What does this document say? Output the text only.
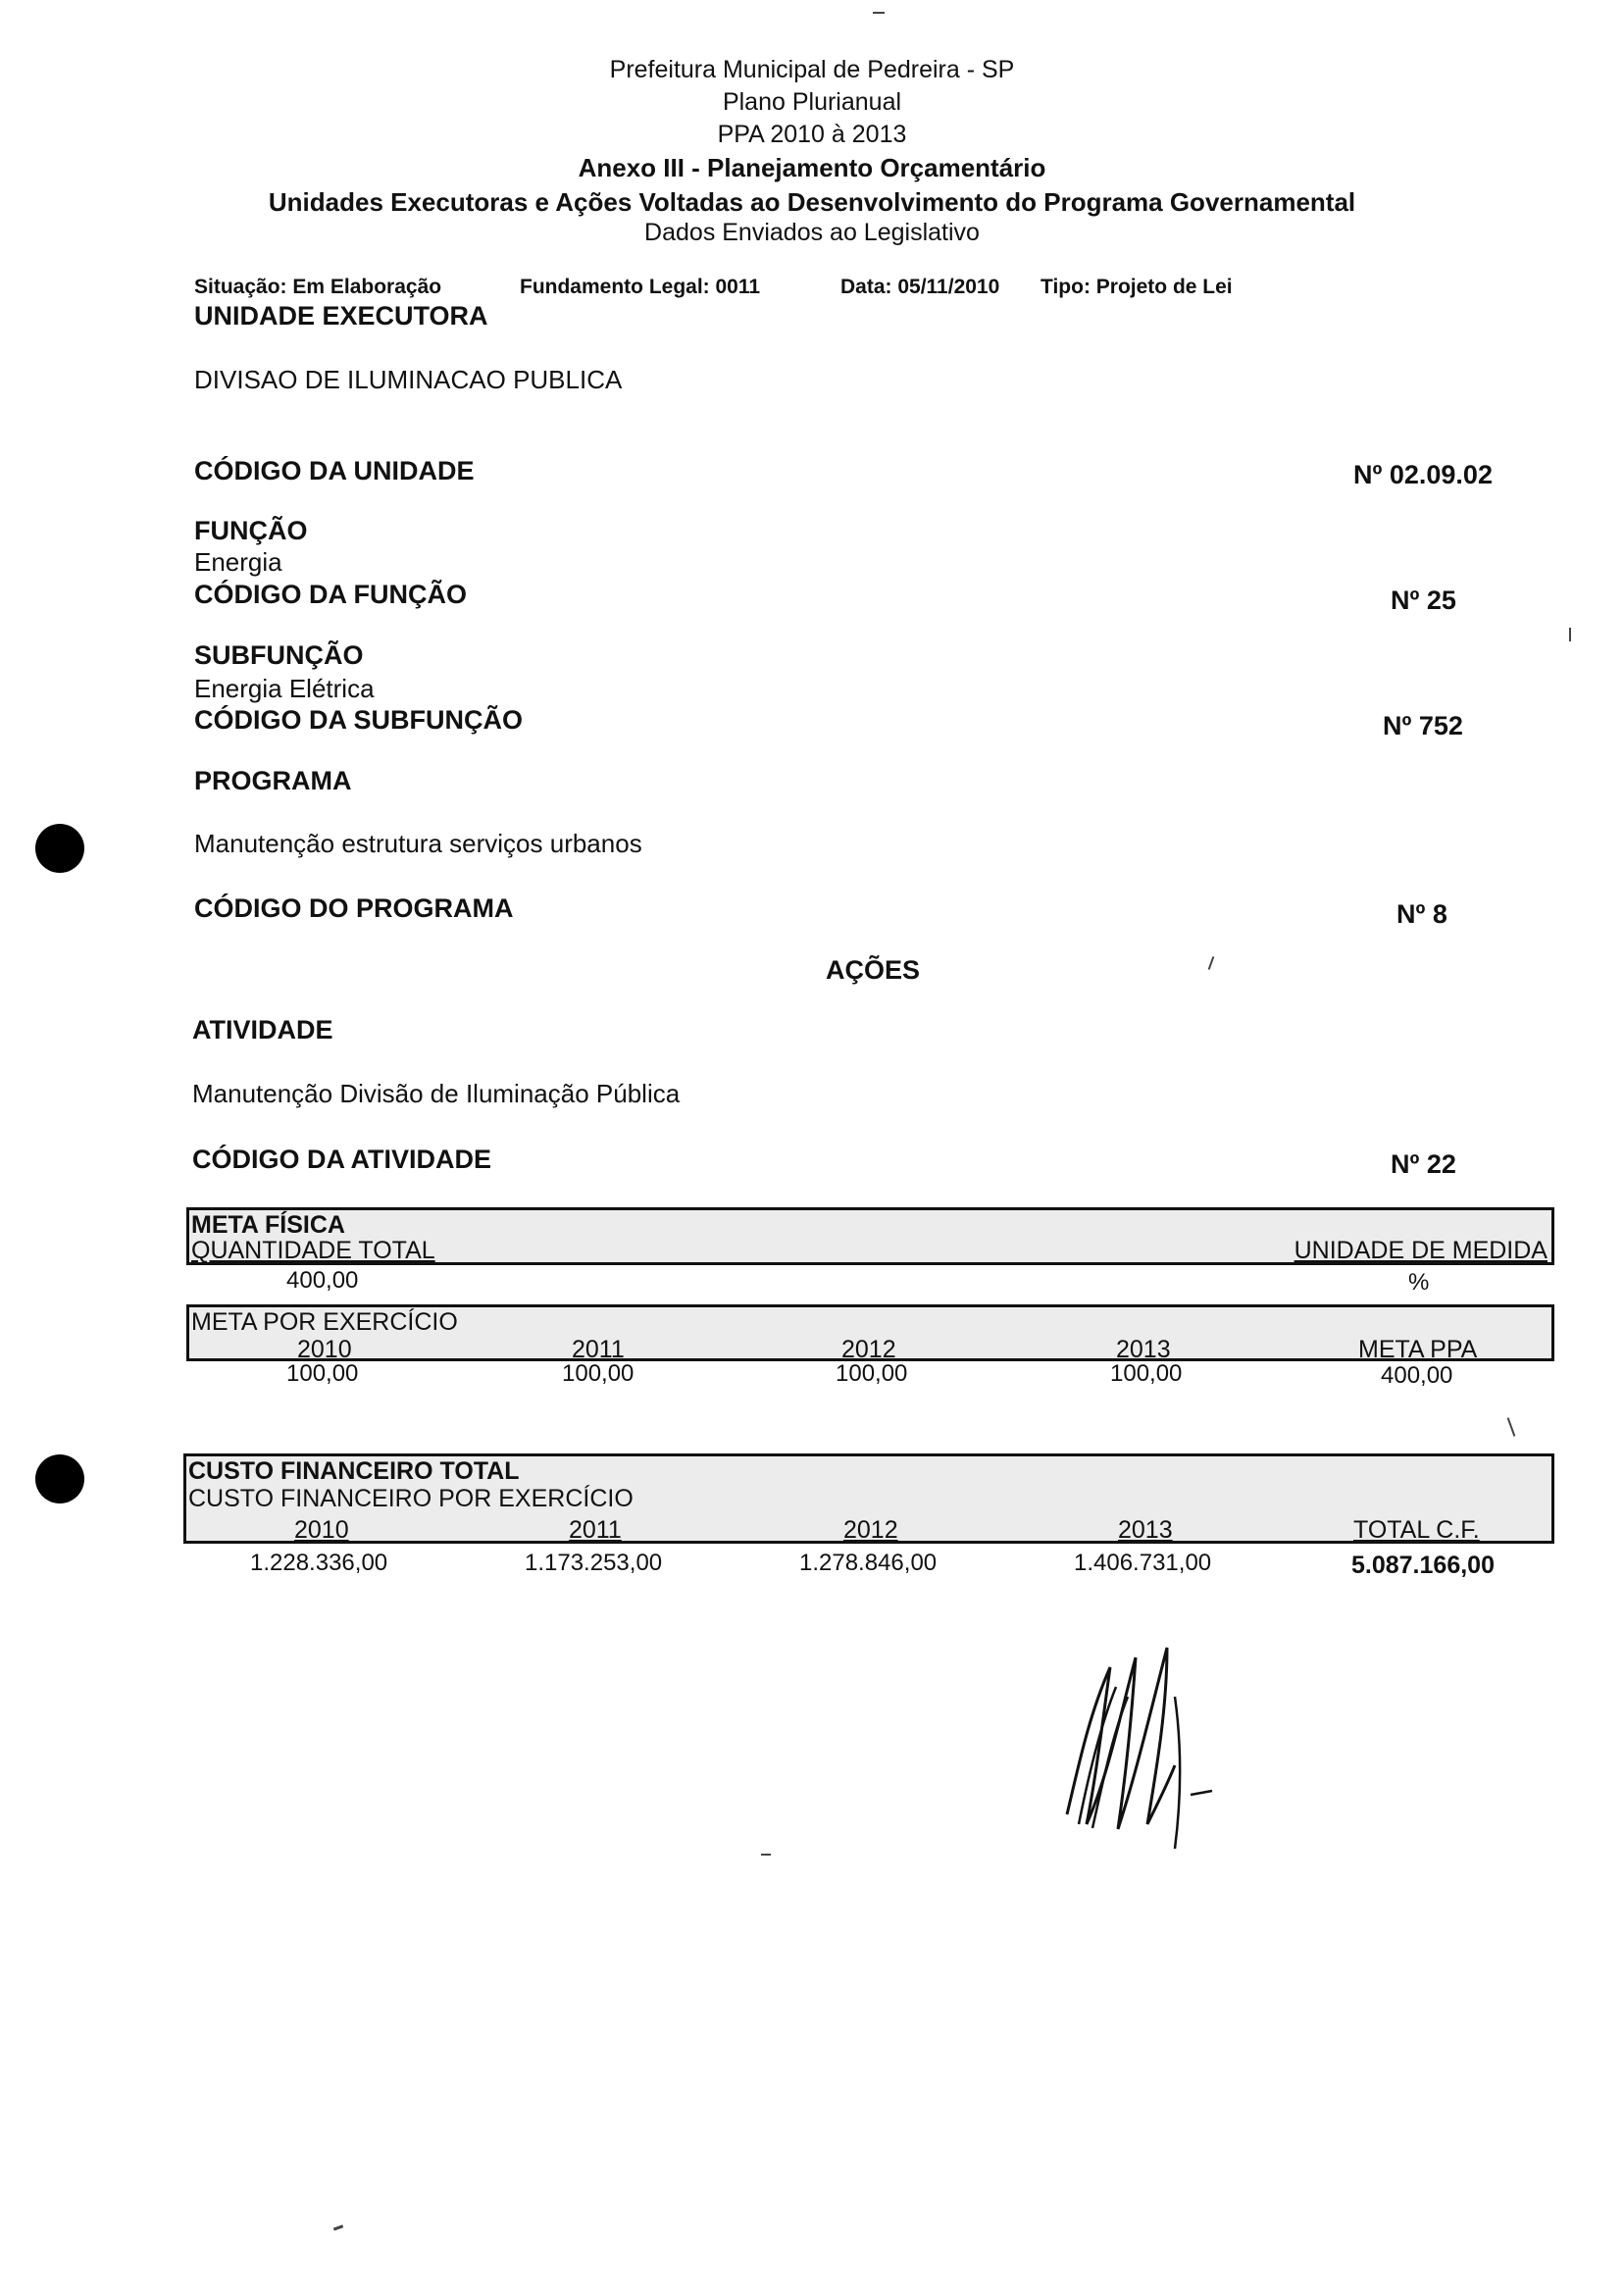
Prefeitura Municipal de Pedreira - SP
Plano Plurianual
PPA 2010 à 2013
Anexo III - Planejamento Orçamentário
Unidades Executoras e Ações Voltadas ao Desenvolvimento do Programa Governamental
Dados Enviados ao Legislativo
Situação: Em Elaboração	Fundamento Legal: 0011	Data: 05/11/2010 Tipo: Projeto de Lei
UNIDADE EXECUTORA
DIVISAO DE ILUMINACAO PUBLICA
CÓDIGO DA UNIDADE	Nº 02.09.02
FUNÇÃO
Energia
CÓDIGO DA FUNÇÃO	Nº 25
SUBFUNÇÃO
Energia Elétrica
CÓDIGO DA SUBFUNÇÃO	Nº 752
PROGRAMA
Manutenção estrutura serviços urbanos
CÓDIGO DO PROGRAMA	Nº 8
AÇÕES
ATIVIDADE
Manutenção Divisão de Iluminação Pública
CÓDIGO DA ATIVIDADE	Nº 22
META FÍSICA
QUANTIDADE TOTAL	UNIDADE DE MEDIDA
400,00	%
META POR EXERCÍCIO
2010	2011	2012	2013	META PPA
100,00	100,00	100,00	100,00	400,00
CUSTO FINANCEIRO TOTAL
CUSTO FINANCEIRO POR EXERCÍCIO
2010	2011	2012	2013	TOTAL C.F.
1.228.336,00	1.173.253,00	1.278.846,00	1.406.731,00	5.087.166,00
